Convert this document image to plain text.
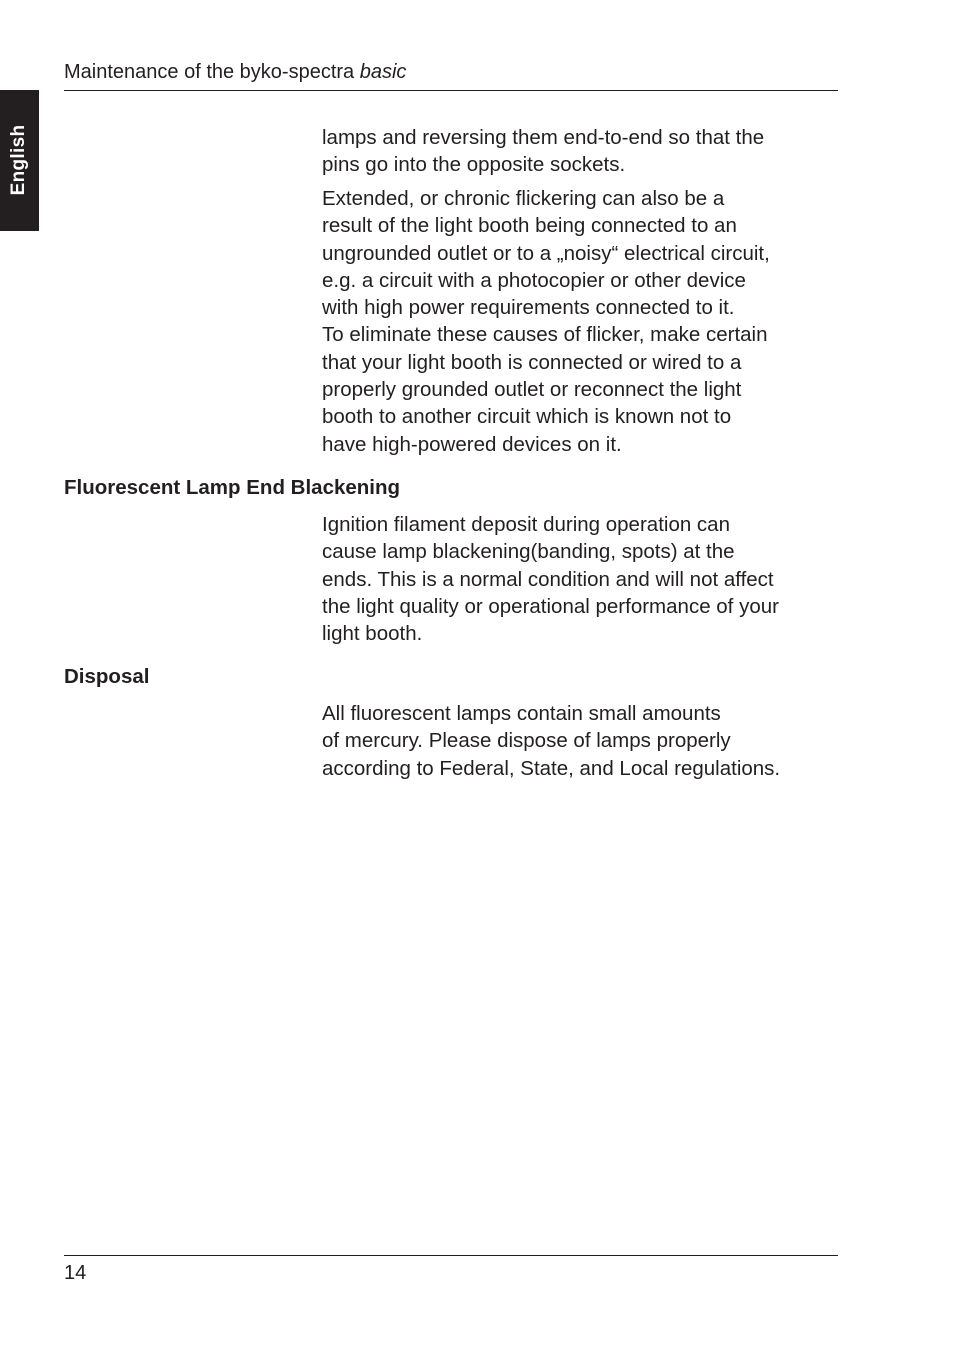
English
Maintenance of the byko-spectra basic

lamps and reversing them end-to-end so that the
pins go into the opposite sockets.

Extended, or chronic flickering can also be a
result of the light booth being connected to an
ungrounded outlet or to a „noisy“ electrical circuit,
e.g. a circuit with a photocopier or other device
with high power requirements connected to it.
To eliminate these causes of flicker, make certain
that your light booth is connected or wired to a
properly grounded outlet or reconnect the light
booth to another circuit which is known not to
have high-powered devices on it.

Fluorescent Lamp End Blackening

Ignition filament deposit during operation can
cause lamp blackening(banding, spots) at the
ends. This is a normal condition and will not affect
the light quality or operational performance of your
light booth.

Disposal

All fluorescent lamps contain small amounts
of mercury. Please dispose of lamps properly
according to Federal, State, and Local regulations.

14
